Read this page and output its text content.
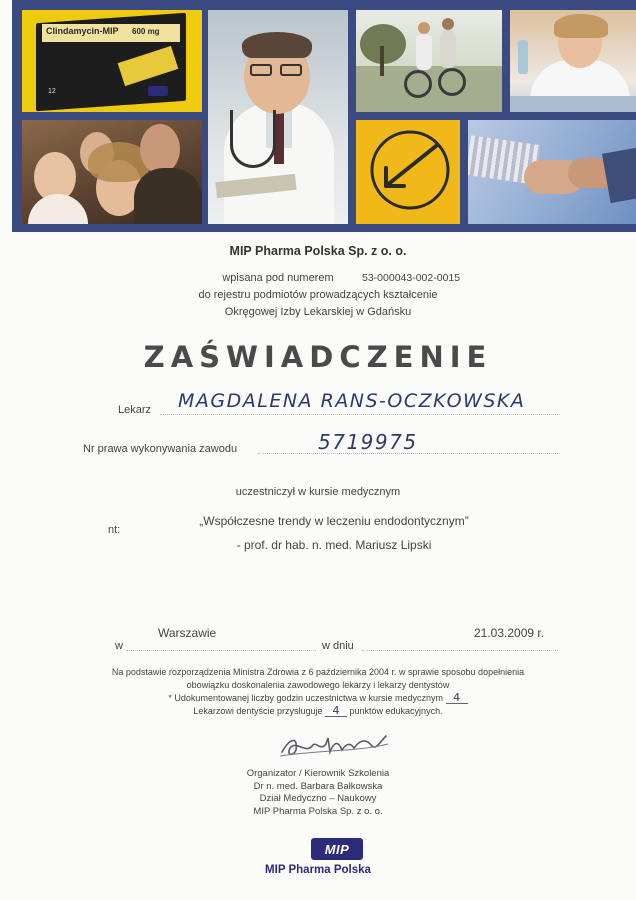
Clindamycin-MIP 600 mg
12
MIP Pharma Polska Sp. z o. o.
wpisana pod numerem	53-000043-002-0015
do rejestru podmiotów prowadzących kształcenie
Okręgowej Izby Lekarskiej w Gdańsku
ZAŚWIADCZENIE
Lekarz MAGDALENA RANS-OCZKOWSKA
Nr prawa wykonywania zawodu	5719975
uczestniczył w kursie medycznym
nt:
„Współczesne trendy w leczeniu endodontycznym”
- prof. dr hab. n. med. Mariusz Lipski
w
Warszawie
w dniu
21.03.2009 r.
Na podstawie rozporządzenia Ministra Zdrowia z 6 października 2004 r. w sprawie sposobu dopełnienia
obowiązku doskonalenia zawodowego lekarzy i lekarzy dentystów
* Udokumentowanej liczby godzin uczestnictwa w kursie medycznym 4
Lekarzowi dentyście przysługuje 4 punktów edukacyjnych.
Organizator / Kierownik Szkolenia
Dr n. med. Barbara Bałkowska
Dział Medyczno – Naukowy
MIP Pharma Polska Sp. z o. o.
MIP
MIP Pharma Polska
